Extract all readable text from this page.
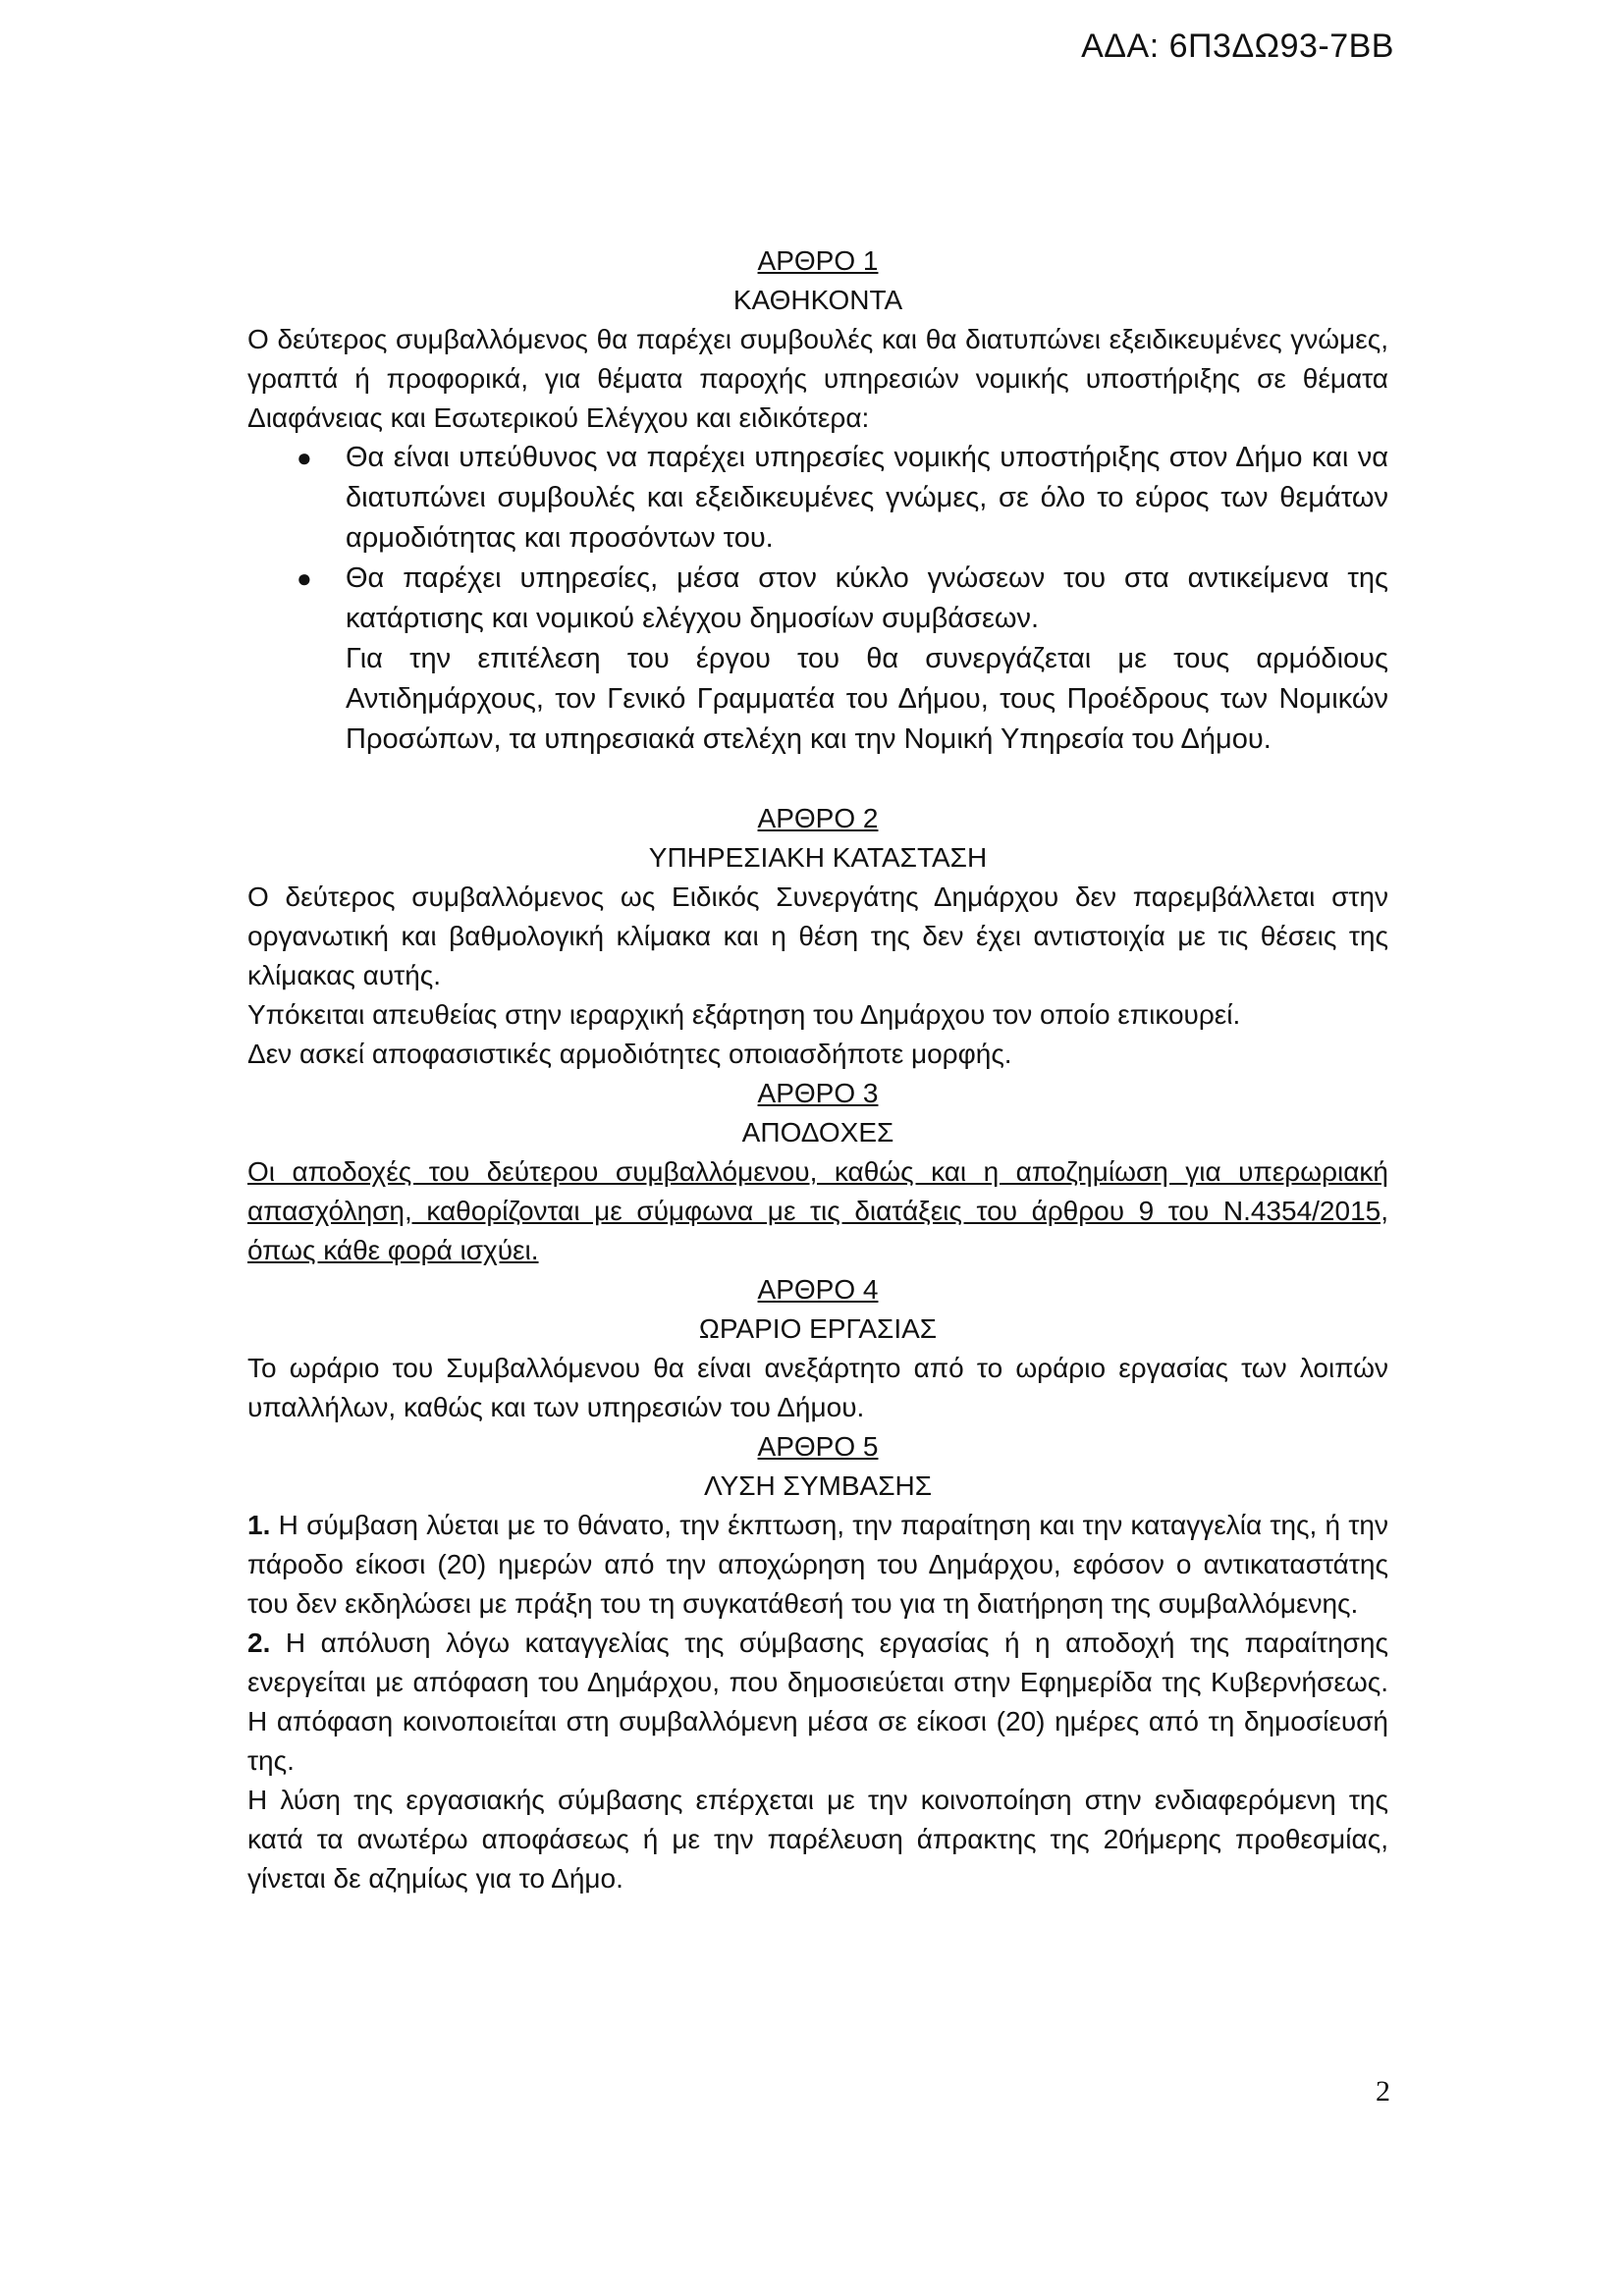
ΑΔΑ: 6Π3ΔΩ93-7ΒΒ

ΑΡΘΡΟ 1

ΚΑΘΗΚΟΝΤΑ

Ο δεύτερος συμβαλλόμενος θα παρέχει συμβουλές και θα διατυπώνει εξειδικευμένες γνώμες, γραπτά ή προφορικά, για θέματα παροχής υπηρεσιών νομικής υποστήριξης σε θέματα Διαφάνειας και Εσωτερικού Ελέγχου και ειδικότερα:

● Θα είναι υπεύθυνος να παρέχει υπηρεσίες νομικής υποστήριξης στον Δήμο και να διατυπώνει συμβουλές και εξειδικευμένες γνώμες, σε όλο το εύρος των θεμάτων αρμοδιότητας και προσόντων του.
● Θα παρέχει υπηρεσίες, μέσα στον κύκλο γνώσεων του στα αντικείμενα της κατάρτισης και νομικού ελέγχου δημοσίων συμβάσεων.

Για την επιτέλεση του έργου του θα συνεργάζεται με τους αρμόδιους Αντιδημάρχους, τον Γενικό Γραμματέα του Δήμου, τους Προέδρους των Νομικών Προσώπων, τα υπηρεσιακά στελέχη και την Νομική Υπηρεσία του Δήμου.

ΑΡΘΡΟ 2

ΥΠΗΡΕΣΙΑΚΗ ΚΑΤΑΣΤΑΣΗ

Ο δεύτερος συμβαλλόμενος ως Ειδικός Συνεργάτης Δημάρχου δεν παρεμβάλλεται στην οργανωτική και βαθμολογική κλίμακα και η θέση της δεν έχει αντιστοιχία με τις θέσεις της κλίμακας αυτής.

Υπόκειται απευθείας στην ιεραρχική εξάρτηση του Δημάρχου τον οποίο επικουρεί.

Δεν ασκεί αποφασιστικές αρμοδιότητες οποιασδήποτε μορφής.

ΑΡΘΡΟ 3

ΑΠΟΔΟΧΕΣ

Οι αποδοχές του δεύτερου συμβαλλόμενου, καθώς και η αποζημίωση για υπερωριακή απασχόληση, καθορίζονται με σύμφωνα με τις διατάξεις του άρθρου 9 του Ν.4354/2015, όπως κάθε φορά ισχύει.

ΑΡΘΡΟ 4

ΩΡΑΡΙΟ ΕΡΓΑΣΙΑΣ

Το ωράριο του Συμβαλλόμενου θα είναι ανεξάρτητο από το ωράριο εργασίας των λοιπών υπαλλήλων, καθώς και των υπηρεσιών του Δήμου.

ΑΡΘΡΟ 5

ΛΥΣΗ ΣΥΜΒΑΣΗΣ

1. Η σύμβαση λύεται με το θάνατο, την έκπτωση, την παραίτηση και την καταγγελία της, ή την πάροδο είκοσι (20) ημερών από την αποχώρηση του Δημάρχου, εφόσον ο αντικαταστάτης του δεν εκδηλώσει με πράξη του τη συγκατάθεσή του για τη διατήρηση της συμβαλλόμενης.

2. Η απόλυση λόγω καταγγελίας της σύμβασης εργασίας ή η αποδοχή της παραίτησης ενεργείται με απόφαση του Δημάρχου, που δημοσιεύεται στην Εφημερίδα της Κυβερνήσεως. Η απόφαση κοινοποιείται στη συμβαλλόμενη μέσα σε είκοσι (20) ημέρες από τη δημοσίευσή της.

Η λύση της εργασιακής σύμβασης επέρχεται με την κοινοποίηση στην ενδιαφερόμενη της κατά τα ανωτέρω αποφάσεως ή με την παρέλευση άπρακτης της 20ήμερης προθεσμίας, γίνεται δε αζημίως για το Δήμο.

2
